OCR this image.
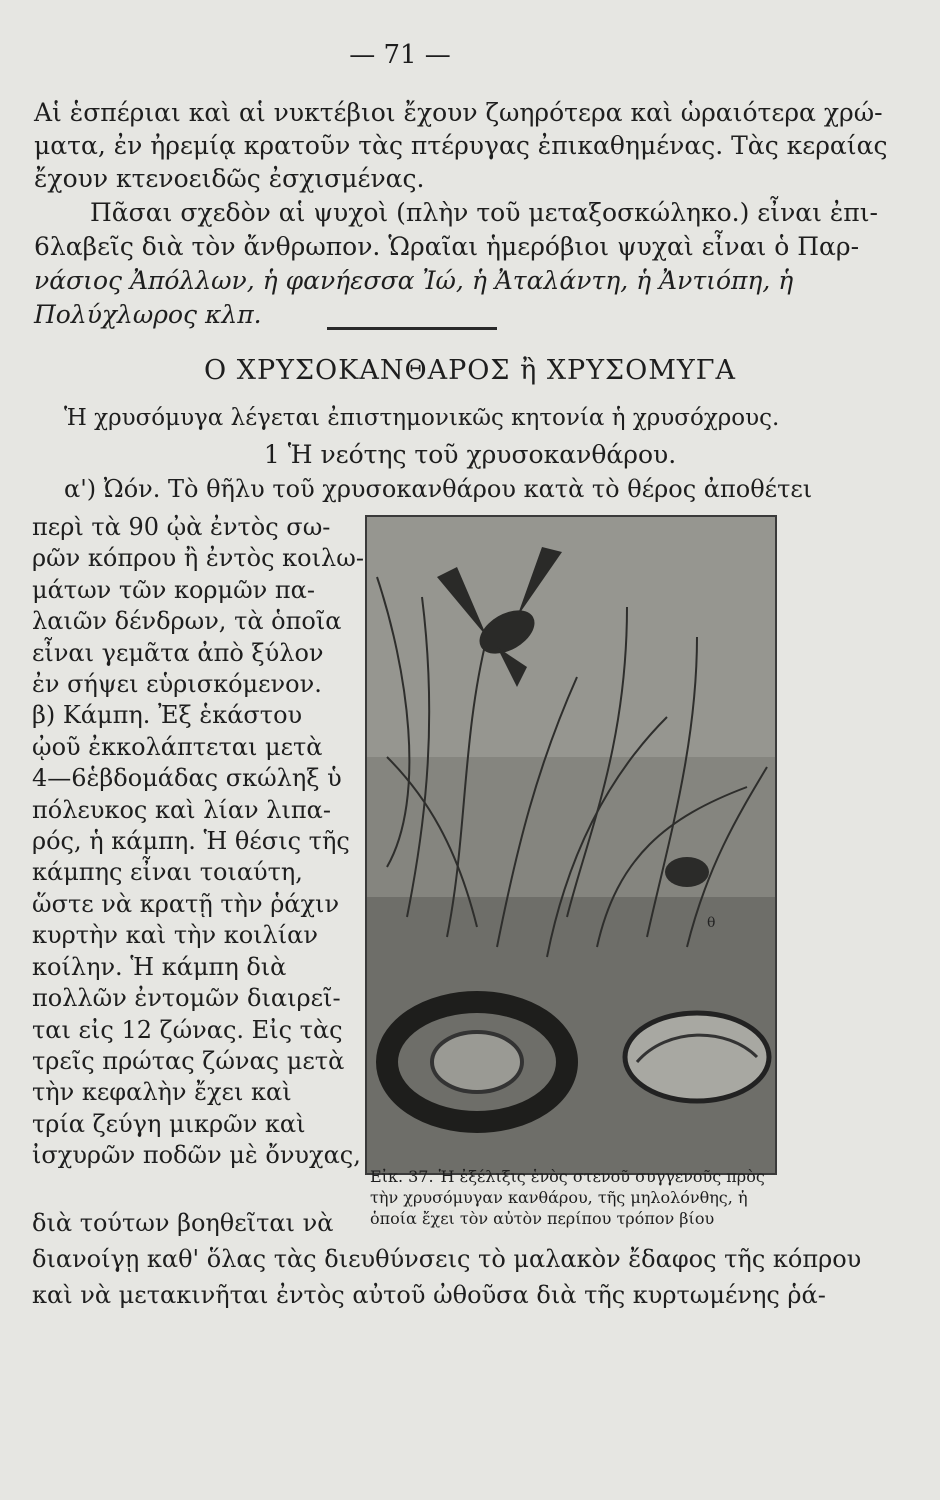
— 71 —
Αἱ ἑσπέριαι καὶ αἱ νυκτέβιοι ἔχουν ζωηρότερα καὶ ὡραιότερα χρώ-
ματα, ἐν ἠρεμίᾳ κρατοῦν τὰς πτέρυγας ἐπικαθημένας. Τὰς κεραίας
ἔχουν κτενοειδῶς ἐσχισμένας.
Πᾶσαι σχεδὸν αἱ ψυχοὶ (πλὴν τοῦ μεταξοσκώληκο.) εἶναι ἐπι-
6λαβεῖς διὰ τὸν ἄνθρωπον. Ὡραῖαι ἡμερόβιοι ψυχαὶ εἶναι ὁ Παρ-
νάσιος Ἀπόλλων, ἡ φανήεσσα Ἰώ, ἡ Ἀταλάντη, ἡ Ἀντιόπη, ἡ
Πολύχλωρος κλπ.
Ο ΧΡΥΣΟΚΑΝΘΑΡΟΣ ἢ ΧΡΥΣΟΜΥΓΑ
Ἡ χρυσόμυγα λέγεται ἐπιστημονικῶς κητονία ἡ χρυσόχρους.
1 Ἡ νεότης τοῦ χρυσοκανθάρου.
α') Ὠόν. Τὸ θῆλυ τοῦ χρυσοκανθάρου κατὰ τὸ θέρος ἀποθέτει
περὶ τὰ 90 ᾠὰ ἐντὸς σω-
ρῶν κόπρου ἢ ἐντὸς κοιλω-
μάτων τῶν κορμῶν πα-
λαιῶν δένδρων, τὰ ὁποῖα
εἶναι γεμᾶτα ἀπὸ ξύλον
ἐν σήψει εὑρισκόμενον.
β) Κάμπη. Ἐξ ἑκάστου
ᾠοῦ ἐκκολάπτεται μετὰ
4—6ἑβδομάδας σκώληξ ὑ
πόλευκος καὶ λίαν λιπα-
ρός, ἡ κάμπη. Ἡ θέσις τῆς
κάμπης εἶναι τοιαύτη,
ὥστε νὰ κρατῇ τὴν ῥάχιν
κυρτὴν καὶ τὴν κοιλίαν
κοίλην. Ἡ κάμπη διὰ
πολλῶν ἐντομῶν διαιρεῖ-
ται εἰς 12 ζώνας. Εἰς τὰς
τρεῖς πρώτας ζώνας μετὰ
τὴν κεφαλὴν ἔχει καὶ
τρία ζεύγη μικρῶν καὶ
ἰσχυρῶν ποδῶν μὲ ὄνυχας,
θ
Εἰκ. 37. Ἡ ἐξέλιξις ἑνὸς στενοῦ συγγενοῦς πρὸς
τὴν χρυσόμυγαν κανθάρου, τῆς μηλολόνθης, ἡ
ὁποία ἔχει τὸν αὐτὸν περίπου τρόπον βίου
διὰ τούτων βοηθεῖται νὰ
διανοίγῃ καθ' ὅλας τὰς διευθύνσεις τὸ μαλακὸν ἔδαφος τῆς κόπρου
καὶ νὰ μετακινῆται ἐντὸς αὐτοῦ ὠθοῦσα διὰ τῆς κυρτωμένης ῥά-
